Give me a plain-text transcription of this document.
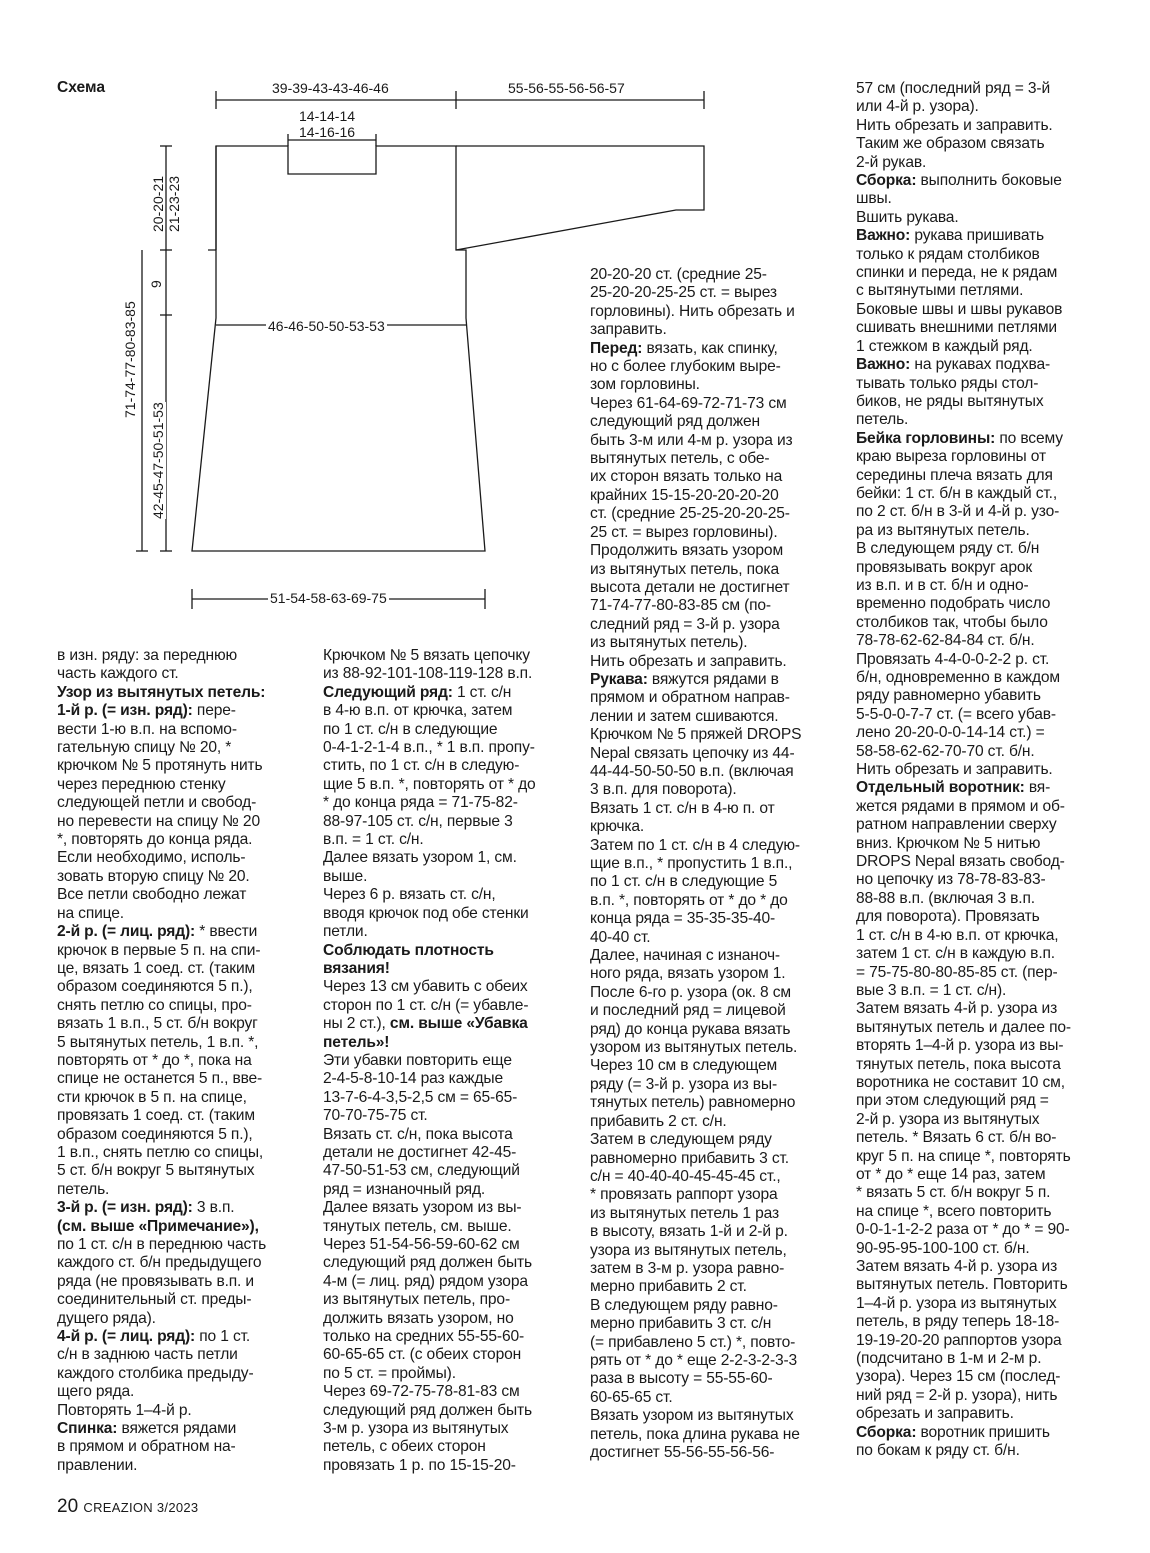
Схема	39-39-43-43-46-46	55-56-55-56-56-57
14-14-14
14-16-16
46-46-50-50-53-53
51-54-58-63-69-75
20-20-21 21-23-23
9
71-74-77-80-83-85
42-45-47-50-51-53

в изн. ряду: за переднюю

часть каждого ст.

Узор из вытянутых петель:

1-й р. (= изн. ряд): пере-

вести 1-ю в.п. на вспомо-

гательную спицу № 20, *

крючком № 5 протянуть нить

через переднюю стенку

следующей петли и свобод-

но перевести на спицу № 20

*, повторять до конца ряда.

Если необходимо, исполь-

зовать вторую спицу № 20.

Все петли свободно лежат

на спице.

2-й р. (= лиц. ряд): * ввести

крючок в первые 5 п. на спи-

це, вязать 1 соед. ст. (таким

образом соединяются 5 п.),

снять петлю со спицы, про-

вязать 1 в.п., 5 ст. б/н вокруг

5 вытянутых петель, 1 в.п. *,

повторять от * до *, пока на

спице не останется 5 п., вве-

сти крючок в 5 п. на спице,

провязать 1 соед. ст. (таким

образом соединяются 5 п.),

1 в.п., снять петлю со спицы,

5 ст. б/н вокруг 5 вытянутых

петель.

3-й р. (= изн. ряд): 3 в.п.

(см. выше «Примечание»),

по 1 ст. с/н в переднюю часть

каждого ст. б/н предыдущего

ряда (не провязывать в.п. и

соединительный ст. преды-

дущего ряда).

4-й р. (= лиц. ряд): по 1 ст.

с/н в заднюю часть петли

каждого столбика предыду-

щего ряда.

Повторять 1–4-й р.

Спинка: вяжется рядами

в прямом и обратном на-

правлении.

Крючком № 5 вязать цепочку

из 88-92-101-108-119-128 в.п.

Следующий ряд: 1 ст. с/н

в 4-ю в.п. от крючка, затем

по 1 ст. с/н в следующие

0-4-1-2-1-4 в.п., * 1 в.п. пропу-

стить, по 1 ст. с/н в следую-

щие 5 в.п. *, повторять от * до

* до конца ряда = 71-75-82-

88-97-105 ст. с/н, первые 3

в.п. = 1 ст. с/н.

Далее вязать узором 1, см.

выше.

Через 6 р. вязать ст. с/н,

вводя крючок под обе стенки

петли.

Соблюдать плотность

вязания!

Через 13 см убавить с обеих

сторон по 1 ст. с/н (= убавле-

ны 2 ст.), см. выше «Убавка

петель»!

Эти убавки повторить еще

2-4-5-8-10-14 раз каждые

13-7-6-4-3,5-2,5 см = 65-65-

70-70-75-75 ст.

Вязать ст. с/н, пока высота

детали не достигнет 42-45-

47-50-51-53 см, следующий

ряд = изнаночный ряд.

Далее вязать узором из вы-

тянутых петель, см. выше.

Через 51-54-56-59-60-62 см

следующий ряд должен быть

4-м (= лиц. ряд) рядом узора

из вытянутых петель, про-

должить вязать узором, но

только на средних 55-55-60-

60-65-65 ст. (с обеих сторон

по 5 ст. = проймы).

Через 69-72-75-78-81-83 см

следующий ряд должен быть

3-м р. узора из вытянутых

петель, с обеих сторон

провязать 1 р. по 15-15-20-

20-20-20 ст. (средние 25-

25-20-20-25-25 ст. = вырез

горловины). Нить обрезать и

заправить.

Перед: вязать, как спинку,

но с более глубоким выре-

зом горловины.

Через 61-64-69-72-71-73 см

следующий ряд должен

быть 3-м или 4-м р. узора из

вытянутых петель, с обе-

их сторон вязать только на

крайних 15-15-20-20-20-20

ст. (средние 25-25-20-20-25-

25 ст. = вырез горловины).

Продолжить вязать узором

из вытянутых петель, пока

высота детали не достигнет

71-74-77-80-83-85 см (по-

следний ряд = 3-й р. узора

из вытянутых петель).

Нить обрезать и заправить.

Рукава: вяжутся рядами в

прямом и обратном направ-

лении и затем сшиваются.

Крючком № 5 пряжей DROPS

Nepal связать цепочку из 44-

44-44-50-50-50 в.п. (включая

3 в.п. для поворота).

Вязать 1 ст. с/н в 4-ю п. от

крючка.

Затем по 1 ст. с/н в 4 следую-

щие в.п., * пропустить 1 в.п.,

по 1 ст. с/н в следующие 5

в.п. *, повторять от * до * до

конца ряда = 35-35-35-40-

40-40 ст.

Далее, начиная с изнаноч-

ного ряда, вязать узором 1.

После 6-го р. узора (ок. 8 см

и последний ряд = лицевой

ряд) до конца рукава вязать

узором из вытянутых петель.

Через 10 см в следующем

ряду (= 3-й р. узора из вы-

тянутых петель) равномерно

прибавить 2 ст. с/н.

Затем в следующем ряду

равномерно прибавить 3 ст.

с/н = 40-40-40-45-45-45 ст.,

* провязать раппорт узора

из вытянутых петель 1 раз

в высоту, вязать 1-й и 2-й р.

узора из вытянутых петель,

затем в 3-м р. узора равно-

мерно прибавить 2 ст.

В следующем ряду равно-

мерно прибавить 3 ст. с/н

(= прибавлено 5 ст.) *, повто-

рять от * до * еще 2-2-3-2-3-3

раза в высоту = 55-55-60-

60-65-65 ст.

Вязать узором из вытянутых

петель, пока длина рукава не

достигнет 55-56-55-56-56-

57 см (последний ряд = 3-й

или 4-й р. узора).

Нить обрезать и заправить.

Таким же образом связать

2-й рукав.

Сборка: выполнить боковые

швы.

Вшить рукава.

Важно: рукава пришивать

только к рядам столбиков

спинки и переда, не к рядам

с вытянутыми петлями.

Боковые швы и швы рукавов

сшивать внешними петлями

1 стежком в каждый ряд.

Важно: на рукавах подхва-

тывать только ряды стол-

биков, не ряды вытянутых

петель.

Бейка горловины: по всему

краю выреза горловины от

середины плеча вязать для

бейки: 1 ст. б/н в каждый ст.,

по 2 ст. б/н в 3-й и 4-й р. узо-

ра из вытянутых петель.

В следующем ряду ст. б/н

провязывать вокруг арок

из в.п. и в ст. б/н и одно-

временно подобрать число

столбиков так, чтобы было

78-78-62-62-84-84 ст. б/н.

Провязать 4-4-0-0-2-2 р. ст.

б/н, одновременно в каждом

ряду равномерно убавить

5-5-0-0-7-7 ст. (= всего убав-

лено 20-20-0-0-14-14 ст.) =

58-58-62-62-70-70 ст. б/н.

Нить обрезать и заправить.

Отдельный воротник: вя-

жется рядами в прямом и об-

ратном направлении сверху

вниз. Крючком № 5 нитью

DROPS Nepal вязать свобод-

но цепочку из 78-78-83-83-

88-88 в.п. (включая 3 в.п.

для поворота). Провязать

1 ст. с/н в 4-ю в.п. от крючка,

затем 1 ст. с/н в каждую в.п.

= 75-75-80-80-85-85 ст. (пер-

вые 3 в.п. = 1 ст. с/н).

Затем вязать 4-й р. узора из

вытянутых петель и далее по-

вторять 1–4-й р. узора из вы-

тянутых петель, пока высота

воротника не составит 10 см,

при этом следующий ряд =

2-й р. узора из вытянутых

петель. * Вязать 6 ст. б/н во-

круг 5 п. на спице *, повторять

от * до * еще 14 раз, затем

* вязать 5 ст. б/н вокруг 5 п.

на спице *, всего повторить

0-0-1-1-2-2 раза от * до * = 90-

90-95-95-100-100 ст. б/н.

Затем вязать 4-й р. узора из

вытянутых петель. Повторить

1–4-й р. узора из вытянутых

петель, в ряду теперь 18-18-

19-19-20-20 раппортов узора

(подсчитано в 1-м и 2-м р.

узора). Через 15 см (послед-

ний ряд = 2-й р. узора), нить

обрезать и заправить.

Сборка: воротник пришить

по бокам к ряду ст. б/н.

20 CREAZION 3/2023
